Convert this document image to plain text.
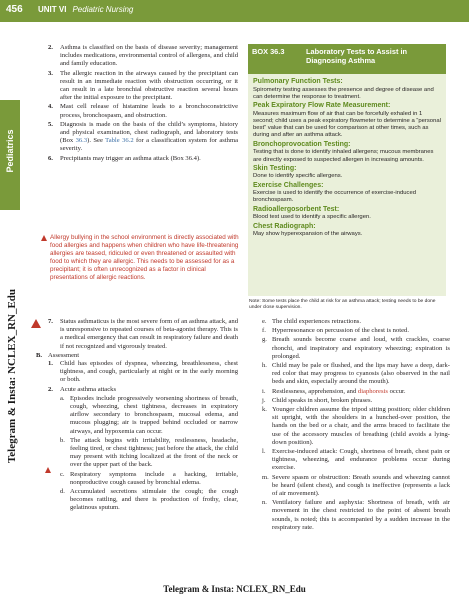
456 UNIT VI Pediatric Nursing
Pediatrics
Telegram & Insta: NCLEX_RN_Edu
2. Asthma is classified on the basis of disease severity; management includes medications, environmental control of allergens, and child and family education.
3. The allergic reaction in the airways caused by the precipitant can result in an immediate reaction with obstruction occurring, or it can result in a late bronchial obstructive reaction several hours after the initial exposure to the precipitant.
4. Mast cell release of histamine leads to a bronchoconstrictive process, bronchospasm, and obstruction.
5. Diagnosis is made on the basis of the child’s symptoms, history and physical examination, chest radiograph, and laboratory tests (Box 36.3). See Table 36.2 for a classification system for asthma severity.
6. Precipitants may trigger an asthma attack (Box 36.4).
Allergy bullying in the school environment is directly associated with food allergies and happens when children who have life-threatening allergies are teased, ridiculed or even threatened or assaulted with food to which they are allergic. This needs to be assessed for as a precipitant; it is often unrecognized as a factor in clinical presentations of allergic reactions.
7. Status asthmaticus is the most severe form of an asthma attack, and is unresponsive to repeated courses of beta-agonist therapy. This is a medical emergency that can result in respiratory failure and death if not recognized and vigorously treated.
B. Assessment
1. Child has episodes of dyspnea, wheezing, breathlessness, chest tightness, and cough, particularly at night or in the early morning or both.
2. Acute asthma attacks
a. Episodes include progressively worsening shortness of breath, cough, wheezing, chest tightness, decreases in expiratory airflow secondary to bronchospasm, mucosal edema, and mucous plugging; air is trapped behind occluded or narrow airways, and hypoxemia can occur.
b. The attack begins with irritability, restlessness, headache, feeling tired, or chest tightness; just before the attack, the child may present with itching localized at the front of the neck or over the upper part of the back.
c. Respiratory symptoms include a hacking, irritable, nonproductive cough caused by bronchial edema.
d. Accumulated secretions stimulate the cough; the cough becomes rattling, and there is production of frothy, clear, gelatinous sputum.
BOX 36.3	Laboratory Tests to Assist in Diagnosing Asthma
Pulmonary Function Tests:
Spirometry testing assesses the presence and degree of disease and can determine the response to treatment.
Peak Expiratory Flow Rate Measurement:
Measures maximum flow of air that can be forcefully exhaled in 1 second; child uses a peak expiratory flowmeter to determine a “personal best” value that can be used for comparison at other times, such as during and after an asthma attack.
Bronchoprovocation Testing:
Testing that is done to identify inhaled allergens; mucous membranes are directly exposed to suspected allergen in increasing amounts.
Skin Testing:
Done to identify specific allergens.
Exercise Challenges:
Exercise is used to identify the occurrence of exercise-induced bronchospasm.
Radioallergosorbent Test:
Blood test used to identify a specific allergen.
Chest Radiograph:
May show hyperexpansion of the airways.
Note: Some tests place the child at risk for an asthma attack; testing needs to be done under close supervision.
e. The child experiences retractions.
f. Hyperresonance on percussion of the chest is noted.
g. Breath sounds become coarse and loud, with crackles, coarse rhonchi, and inspiratory and expiratory wheezing; expiration is prolonged.
h. Child may be pale or flushed, and the lips may have a deep, dark-red color that may progress to cyanosis (also observed in the nail beds and skin, especially around the mouth).
i. Restlessness, apprehension, and diaphoresis occur.
j. Child speaks in short, broken phrases.
k. Younger children assume the tripod sitting position; older children sit upright, with the shoulders in a hunched-over position, the hands on the bed or a chair, and the arms braced to facilitate the use of the accessory muscles of breathing (child avoids a lying-down position).
l. Exercise-induced attack: Cough, shortness of breath, chest pain or tightness, wheezing, and endurance problems occur during exercise.
m. Severe spasm or obstruction: Breath sounds and wheezing cannot be heard (silent chest), and cough is ineffective (represents a lack of air movement).
n. Ventilatory failure and asphyxia: Shortness of breath, with air movement in the chest restricted to the point of absent breath sounds, is noted; this is accompanied by a sudden increase in the respiratory rate.
Telegram & Insta: NCLEX_RN_Edu
